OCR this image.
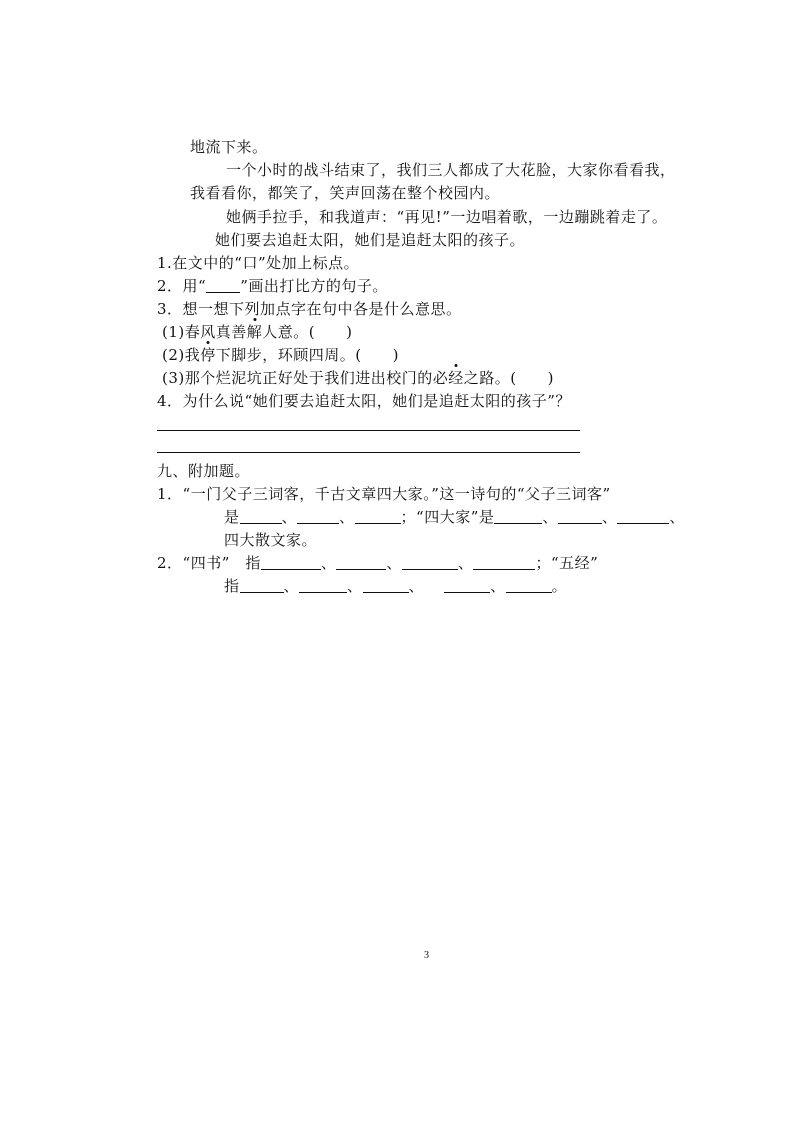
地流下来。
一个小时的战斗结束了，我们三人都成了大花脸，大家你看看我，
我看看你，都笑了，笑声回荡在整个校园内。
她俩手拉手，和我道声：“再见!”一边唱着歌，一边蹦跳着走了。
她们要去追赶太阳，她们是追赶太阳的孩子。
1.在文中的“口”处加上标点。
2．用“ ”画出打比方的句子。
3．想一想下列加点字在句中各是什么意思。
(1)春风真善解人意。(　　)
(2)我停下脚步，环顾四周。(　　)
(3)那个烂泥坑正好处于我们进出校门的必经之路。(　　)
4．为什么说“她们要去追赶太阳，她们是追赶太阳的孩子”？
九、附加题。
1．“一门父子三词客，千古文章四大家。”这一诗句的“父子三词客”
是	、	、	；“四大家”是	、	、	、
四大散文家。
2．“四书”　指	、	、	、	；“五经”
指	、	、	、	、	。
3
